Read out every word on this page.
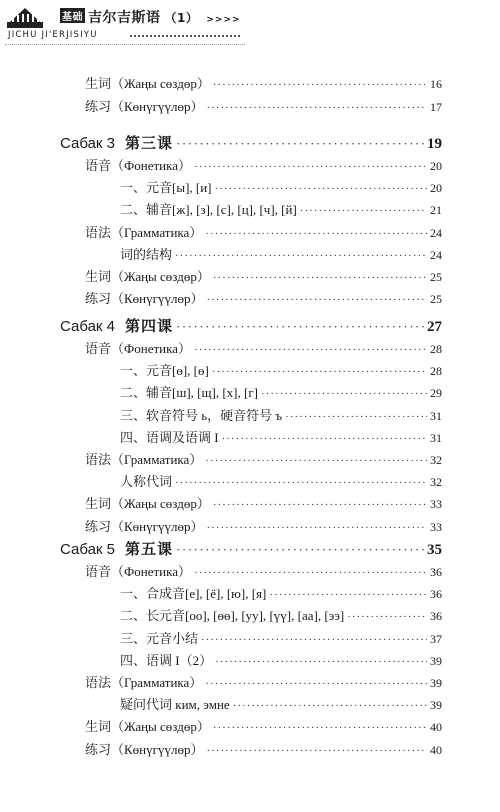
基础 吉尔吉斯语 （1） >>>>
JICHU JI'ERJISIYU
生词（Жаңы сөздөр） ·····	16
练习（Көнүгүүлөр） ·····	17
Сабак 3 第三课 ·····	19
语音（Фонетика） ·····	20
一、元音[ы], [и] ·····	20
二、辅音[ж], [з], [с], [ц], [ч], [й] ·····	21
语法（Грамматика） ·····	24
词的结构 ·····	24
生词（Жаңы сөздөр） ·····	25
练习（Көнүгүүлөр） ·····	25
Сабак 4 第四课 ·····	27
语音（Фонетика） ·····	28
一、元音[ɵ], [ө] ·····	28
二、辅音[ш], [щ], [х], [г] ·····	29
三、软音符号 ь，硬音符号 ъ ·····	31
四、语调及语调 I ·····	31
语法（Грамматика） ·····	32
人称代词 ·····	32
生词（Жаңы сөздөр） ·····	33
练习（Көнүгүүлөр） ·····	33
Сабак 5 第五课 ·····	35
语音（Фонетика） ·····	36
一、合成音[е], [ё], [ю], [я] ·····	36
二、长元音[оо], [өө], [уу], [үү], [аа], [ээ] ·····	36
三、元音小结 ·····	37
四、语调 I（2） ·····	39
语法（Грамматика） ·····	39
疑问代词 ким, эмне ·····	39
生词（Жаңы сөздөр） ·····	40
练习（Көнүгүүлөр） ·····	40
